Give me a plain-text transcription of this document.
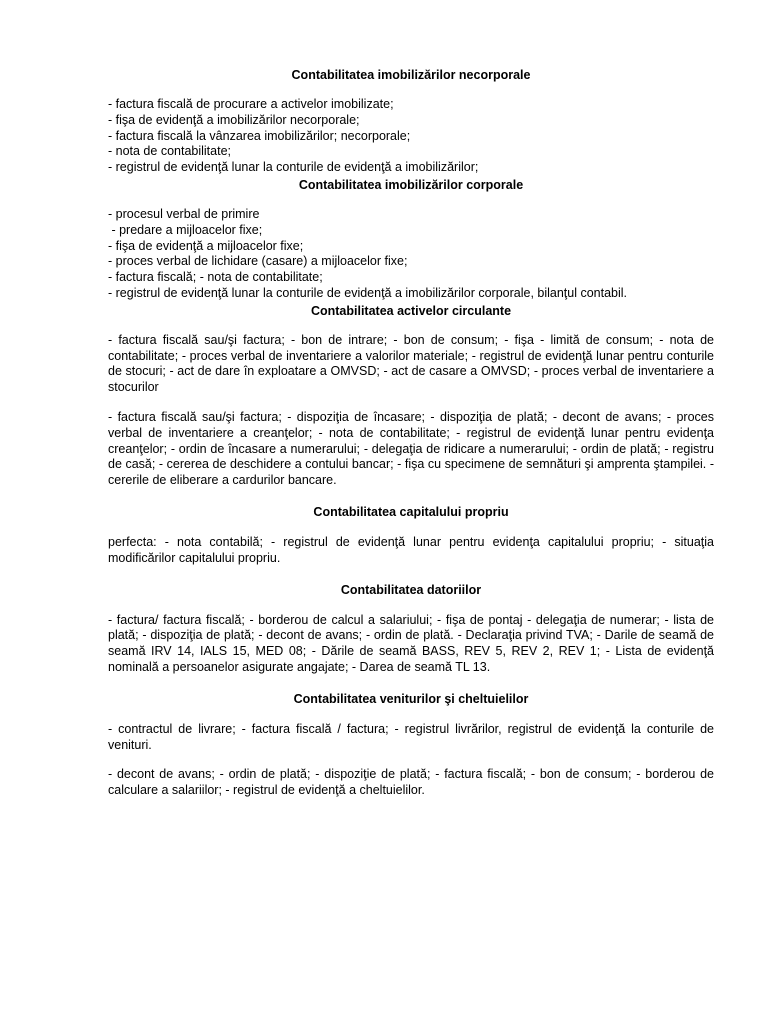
Contabilitatea imobilizărilor necorporale
- factura fiscală de procurare a activelor imobilizate;
- fişa de evidenţă a imobilizărilor necorporale;
- factura fiscală la vânzarea imobilizărilor; necorporale;
- nota de contabilitate;
- registrul de evidenţă lunar la conturile de evidenţă a imobilizărilor;
Contabilitatea imobilizărilor corporale
- procesul verbal de primire
- predare a mijloacelor fixe;
- fişa de evidenţă a mijloacelor fixe;
- proces verbal de lichidare (casare) a mijloacelor fixe;
- factura fiscală; - nota de contabilitate;
- registrul de evidenţă lunar la conturile de evidenţă a imobilizărilor corporale, bilanţul contabil.
Contabilitatea activelor circulante

- factura fiscală sau/şi factura; - bon de intrare; - bon de consum; - fişa - limită de consum; - nota de contabilitate; - proces verbal de inventariere a valorilor materiale; - registrul de evidenţă lunar pentru conturile de stocuri; - act de dare în exploatare a OMVSD; - act de casare a OMVSD; - proces verbal de inventariere a stocurilor

- factura fiscală sau/şi factura; - dispoziţia de încasare; - dispoziţia de plată; - decont de avans; - proces verbal de inventariere a creanţelor; - nota de contabilitate; - registrul de evidenţă lunar pentru evidenţa creanţelor; - ordin de încasare a numerarului; - delegaţia de ridicare a numerarului; - ordin de plată; - registru de casă; - cererea de deschidere a contului bancar; - fişa cu specimene de semnături şi amprenta ştampilei. - cererile de eliberare a cardurilor bancare.

Contabilitatea capitalului propriu

perfecta: - nota contabilă; - registrul de evidenţă lunar pentru evidenţa capitalului propriu; - situaţia modificărilor capitalului propriu.

Contabilitatea datoriilor

- factura/ factura fiscală; - borderou de calcul a salariului; - fişa de pontaj - delegaţia de numerar; - lista de plată; - dispoziţia de plată; - decont de avans; - ordin de plată. - Declaraţia privind TVA; - Darile de seamă de seamă IRV 14, IALS 15, MED 08; - Dările de seamă BASS, REV 5, REV 2, REV 1; - Lista de evidenţă nominală a persoanelor asigurate angajate; - Darea de seamă TL 13.

Contabilitatea veniturilor şi cheltuielilor

- contractul de livrare; - factura fiscală / factura; - registrul livrărilor, registrul de evidenţă la conturile de venituri.

- decont de avans; - ordin de plată; - dispoziţie de plată; - factura fiscală; - bon de consum; - borderou de calculare a salariilor; - registrul de evidenţă a cheltuielilor.
